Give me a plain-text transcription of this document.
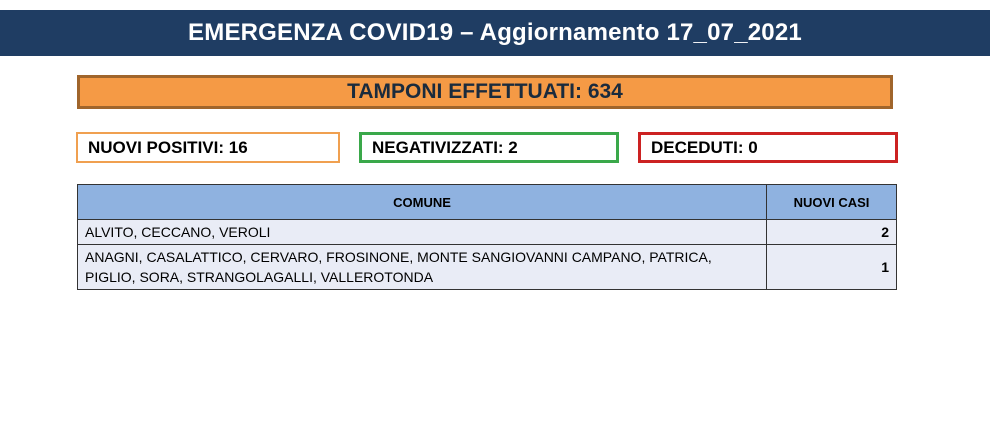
EMERGENZA COVID19 – Aggiornamento 17_07_2021
TAMPONI EFFETTUATI: 634
NUOVI POSITIVI: 16	NEGATIVIZZATI: 2	DECEDUTI: 0
COMUNE	NUOVI CASI
ALVITO, CECCANO, VEROLI	2
ANAGNI, CASALATTICO, CERVARO, FROSINONE, MONTE SANGIOVANNI CAMPANO, PATRICA, PIGLIO, SORA, STRANGOLAGALLI, VALLEROTONDA	1
